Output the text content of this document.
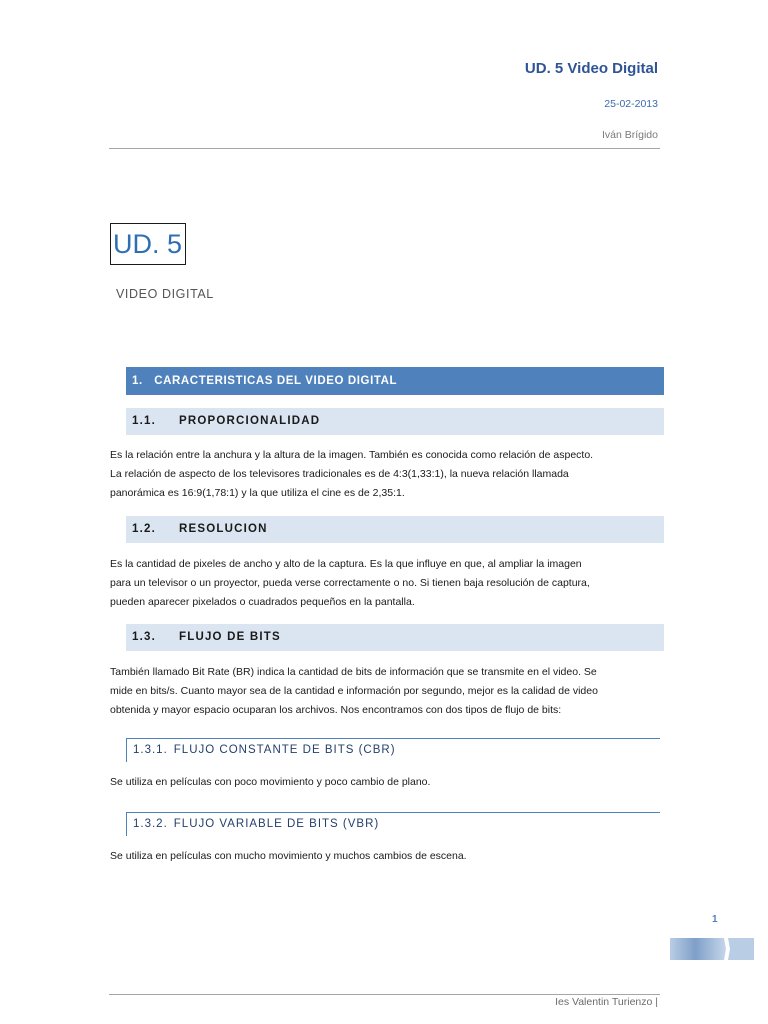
UD. 5 Video Digital
25-02-2013
Iván Brígido
UD. 5
VIDEO DIGITAL
1. CARACTERISTICAS DEL VIDEO DIGITAL
1.1. PROPORCIONALIDAD
Es la relación entre la anchura y la altura de la imagen. También es conocida como relación de aspecto.
La relación de aspecto de los televisores tradicionales es de 4:3(1,33:1), la nueva relación llamada
panorámica es 16:9(1,78:1) y la que utiliza el cine es de 2,35:1.
1.2. RESOLUCION
Es la cantidad de pixeles de ancho y alto de la captura. Es la que influye en que, al ampliar la imagen
para un televisor o un proyector, pueda verse correctamente o no. Si tienen baja resolución de captura,
pueden aparecer pixelados o cuadrados pequeños en la pantalla.
1.3. FLUJO DE BITS
También llamado Bit Rate (BR) indica la cantidad de bits de información que se transmite en el video. Se
mide en bits/s. Cuanto mayor sea de la cantidad e información por segundo, mejor es la calidad de video
obtenida y mayor espacio ocuparan los archivos. Nos encontramos con dos tipos de flujo de bits:
1.3.1. FLUJO CONSTANTE DE BITS (CBR)
Se utiliza en películas con poco movimiento y poco cambio de plano.
1.3.2. FLUJO VARIABLE DE BITS (VBR)
Se utiliza en películas con mucho movimiento y muchos cambios de escena.
1
Ies Valentin Turienzo |
